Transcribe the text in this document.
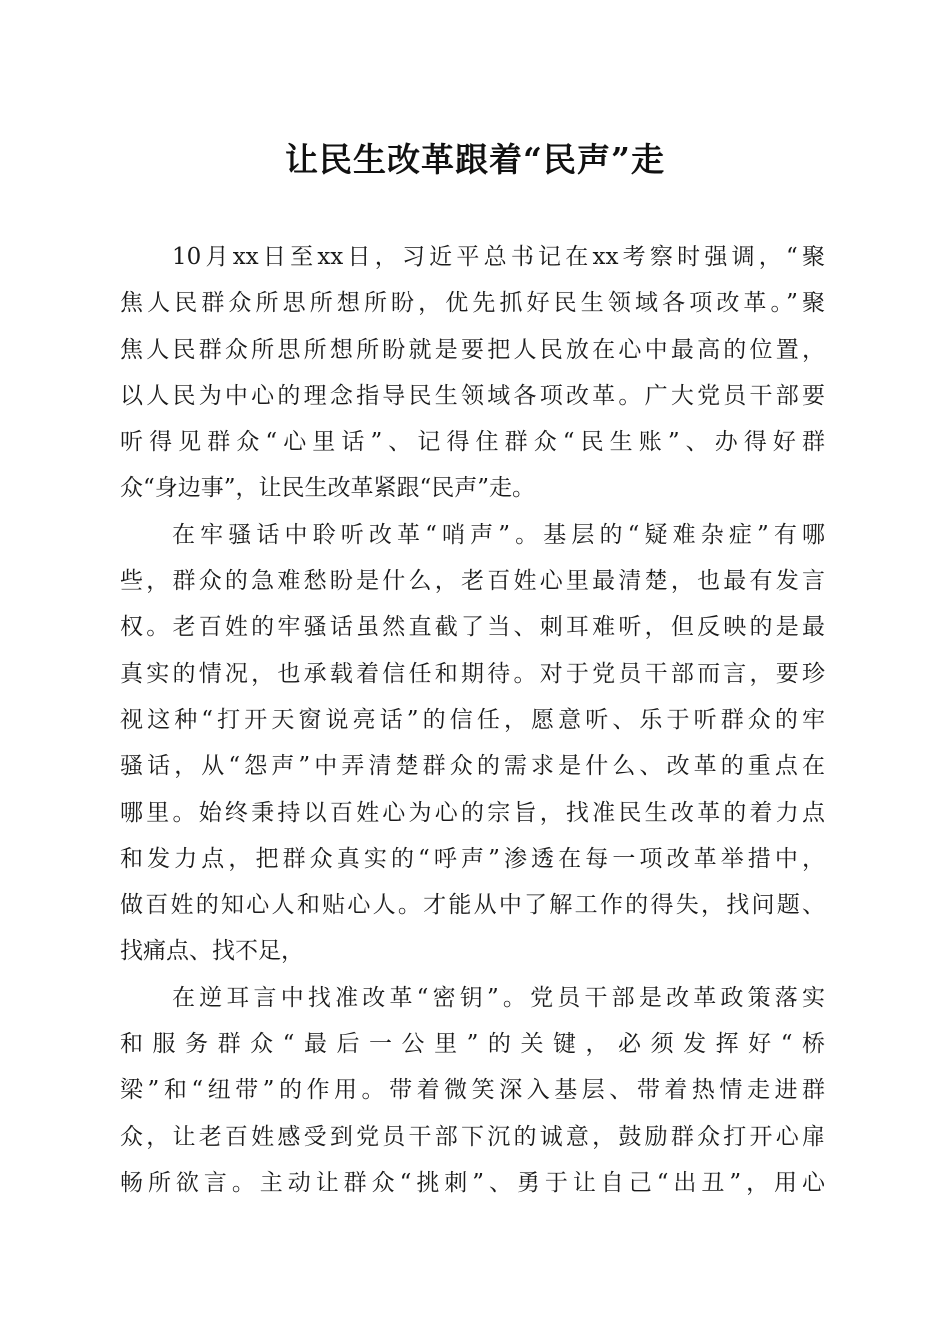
让民生改革跟着“民声”走
10月xx日至xx日，习近平总书记在xx考察时强调，“聚
焦人民群众所思所想所盼，优先抓好民生领域各项改革。”聚
焦人民群众所思所想所盼就是要把人民放在心中最高的位置，
以人民为中心的理念指导民生领域各项改革。广大党员干部要
听得见群众“心里话”、记得住群众“民生账”、办得好群
众“身边事”，让民生改革紧跟“民声”走。
在牢骚话中聆听改革“哨声”。基层的“疑难杂症”有哪
些，群众的急难愁盼是什么，老百姓心里最清楚，也最有发言
权。老百姓的牢骚话虽然直截了当、刺耳难听，但反映的是最
真实的情况，也承载着信任和期待。对于党员干部而言，要珍
视这种“打开天窗说亮话”的信任，愿意听、乐于听群众的牢
骚话，从“怨声”中弄清楚群众的需求是什么、改革的重点在
哪里。始终秉持以百姓心为心的宗旨，找准民生改革的着力点
和发力点，把群众真实的“呼声”渗透在每一项改革举措中，
做百姓的知心人和贴心人。才能从中了解工作的得失，找问题、
找痛点、找不足，
在逆耳言中找准改革“密钥”。党员干部是改革政策落实
和服务群众“最后一公里”的关键，必须发挥好“桥
梁”和“纽带”的作用。带着微笑深入基层、带着热情走进群
众，让老百姓感受到党员干部下沉的诚意，鼓励群众打开心扉
畅所欲言。主动让群众“挑刺”、勇于让自己“出丑”，用心
